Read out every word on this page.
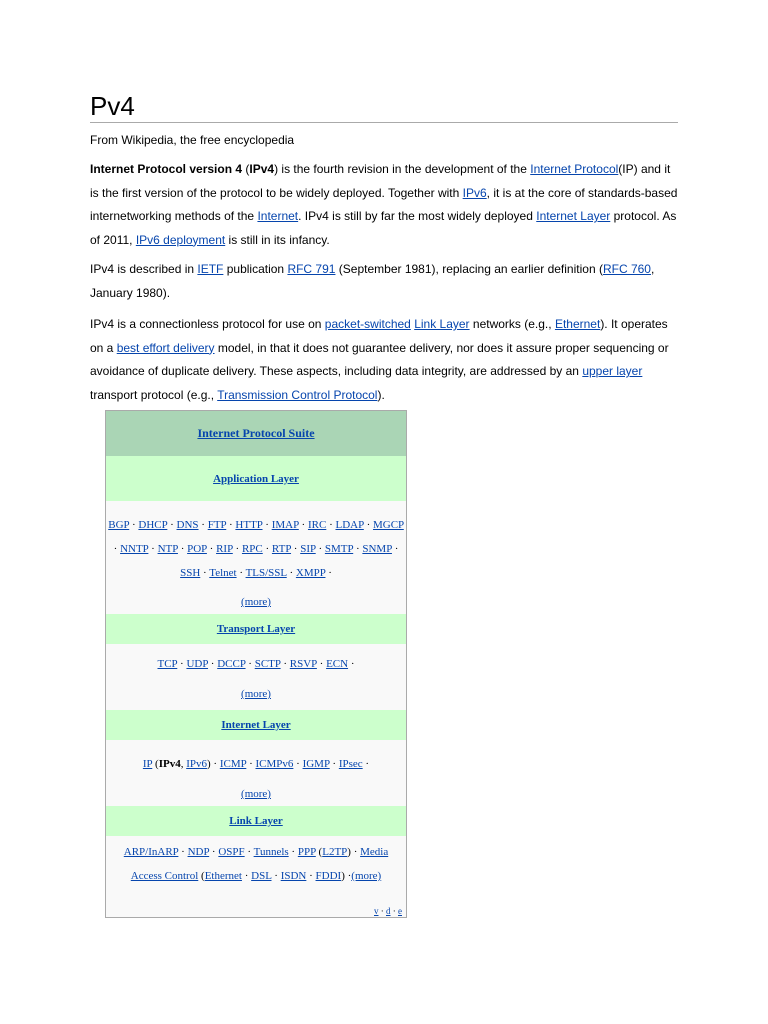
Pv4
From Wikipedia, the free encyclopedia

Internet Protocol version 4 (IPv4) is the fourth revision in the development of the Internet Protocol(IP) and it is the first version of the protocol to be widely deployed. Together with IPv6, it is at the core of standards-based internetworking methods of the Internet. IPv4 is still by far the most widely deployed Internet Layer protocol. As of 2011, IPv6 deployment is still in its infancy.

IPv4 is described in IETF publication RFC 791 (September 1981), replacing an earlier definition (RFC 760, January 1980).

IPv4 is a connectionless protocol for use on packet-switched Link Layer networks (e.g., Ethernet). It operates on a best effort delivery model, in that it does not guarantee delivery, nor does it assure proper sequencing or avoidance of duplicate delivery. These aspects, including data integrity, are addressed by an upper layer transport protocol (e.g., Transmission Control Protocol).

Internet Protocol Suite
Application Layer
BGP · DHCP · DNS · FTP · HTTP · IMAP · IRC · LDAP · MGCP · NNTP · NTP · POP · RIP · RPC · RTP · SIP · SMTP · SNMP · SSH · Telnet · TLS/SSL · XMPP ·
(more)
Transport Layer
TCP · UDP · DCCP · SCTP · RSVP · ECN ·
(more)
Internet Layer
IP (IPv4, IPv6) · ICMP · ICMPv6 · IGMP · IPsec ·
(more)
Link Layer
ARP/InARP · NDP · OSPF · Tunnels · PPP (L2TP) · Media Access Control (Ethernet · DSL · ISDN · FDDI) ·(more)
v · d · e
